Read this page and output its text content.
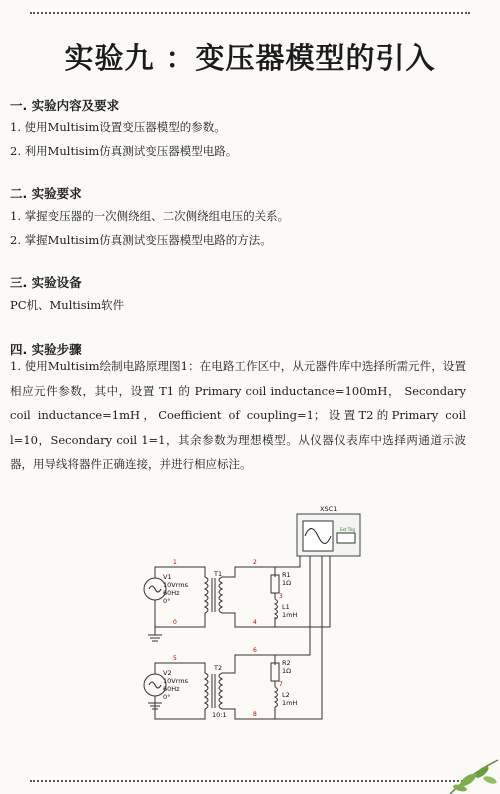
实验九 ：变压器模型的引入
一. 实验内容及要求
1. 使用Multisim设置变压器模型的参数。
2. 利用Multisim仿真测试变压器模型电路。
二. 实验要求
1. 掌握变压器的一次侧绕组、二次侧绕组电压的关系。
2. 掌握Multisim仿真测试变压器模型电路的方法。
三. 实验设备
PC机、Multisim软件
四. 实验步骤
1. 使用Multisim绘制电路原理图1：在电路工作区中，从元器件库中选择所需元件，设置相应元件参数，其中，设置 T1 的 Primary coil inductance=100mH， Secondary coil inductance=1mH，Coefficient of coupling=1；设置T2的Primary coil l=10，Secondary coil 1=1，其余参数为理想模型。从仪器仪表库中选择两通道示波器，用导线将器件正确连接，并进行相应标注。
1	2
0	4
5
6
3
7
8
XSC1
Ext Trig
V1
10Vrms
60Hz
0°
T1	R1
1Ω
L1
1mH
V2
10Vrms
60Hz
0°
T2
10:1
R2
1Ω
L2
1mH
